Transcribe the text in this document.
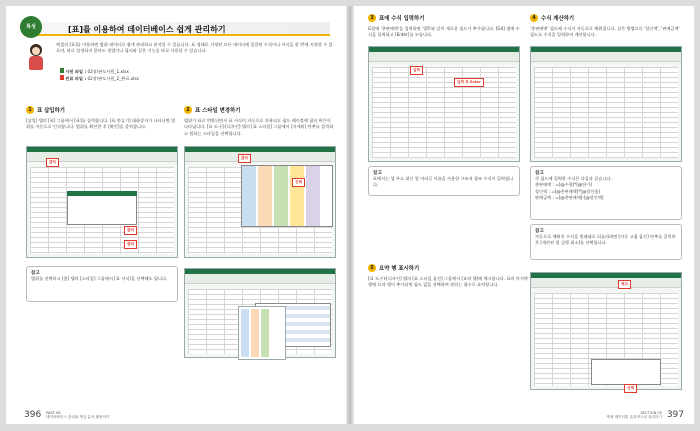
특성	[표]를 이용하여 데이터베이스 쉽게 관리하기
엑셀의 [표]를 이용하면 범위 데이터로 쉽게 관리하고 분석할 수 있습니다. 표 형태로 지정된 모든 데이터에 일괄된 수식이나 서식을 한 번에 지정할 수 있으며, 따로 설정하지 않아도 정렬이나 필터와 같은 기능을 바로 사용할 수 있습니다.
사전 파일 : 02장\판도사원_1.xlsx
완료 파일 : 02장\판도사원_2_완료.xlsx
1 표 삽입하기
[삽입] 탭의 [표] 그룹에서 [표]를 클릭합니다. [표 만들기] 대화상자가 나타나면 범위를 자동으로 인식합니다. 범위를 확인한 후 [확인]을 클릭합니다.
클릭
클릭
클릭
2 표 스타일 변경하기
범위가 표로 변환되면서 표 서식이 자동으로 적용되고 필드 레이블에 필터 버튼이 나타납니다. [표 도구]-[디자인] 탭의 [표 스타일] 그룹에서 [자세히] 단추를 클릭하고 원하는 스타일을 선택합니다.
클릭
선택
참고
범위를 선택하고 [홈] 탭의 [스타일] 그룹에서 [표 서식]을 선택해도 됩니다.
396 PART 08
데이터베이스 관리와 핵심 분석 활용하기
3 표에 수식 입력하기
G열에 '총판매액'을 입력하면 '열5'와 같이 새로운 필드가 추가됩니다. [G4] 셀에 수식을 입력하고 [Enter]를 누릅니다.
입력
입력 후 Enter
4 수식 계산하기
'총판매액' 필드에 수식이 자동으로 채워집니다. 같은 방법으로 '할인액', '판매금액' 필드도 수식을 입력하여 계산합니다.
참고
표에서는 셀 주소 대신 열 머리글 이름을 사용한 구조적 참조 수식이 입력됩니다.
참고
각 필드에 입력한 수식은 다음과 같습니다.
총판매액 : =[@수량]*[@단가]
할인액 : =[@총판매액]*[@할인율]
판매금액 : =[@총판매액]-[@할인액]
참고
자동으로 채워진 수식을 원래대로 되돌리려면 [자동 고침 옵션] 단추를 클릭한 후 [계산된 열 실행 취소]를 선택합니다.
5 요약 행 표시하기
[표 도구]-[디자인] 탭의 [표 스타일 옵션] 그룹에서 [요약 행]에 체크합니다. 표의 마지막 행에 요약 행이 추가되면 필드 값을 선택하여 원하는 함수로 요약합니다.	체크
선택
SECTION 05
엑셀 데이터를 효과적으로 관리하기 397
